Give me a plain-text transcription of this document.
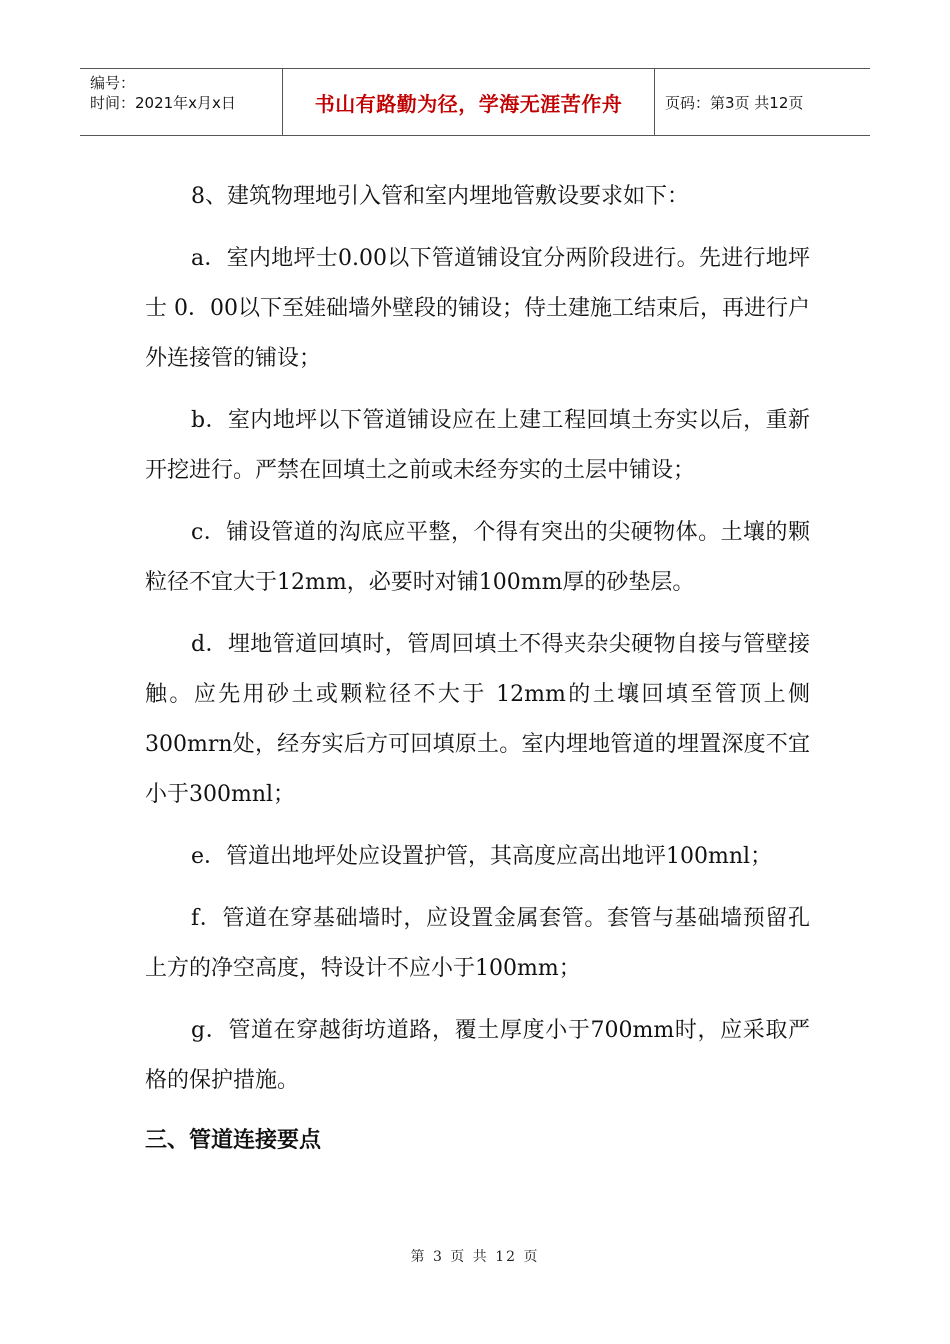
编号：
时间：2021年x月x日	书山有路勤为径，学海无涯苦作舟	页码：第3页 共12页

8、建筑物理地引入管和室内埋地管敷设要求如下：

a．室内地坪士0.00以下管道铺设宜分两阶段进行。先进行地坪士 0．00以下至娃础墙外壁段的铺设；侍土建施工结束后，再进行户外连接管的铺设；

b．室内地坪以下管道铺设应在上建工程回填土夯实以后，重新开挖进行。严禁在回填土之前或未经夯实的土层中铺设；

c．铺设管道的沟底应平整，个得有突出的尖硬物体。土壤的颗粒径不宜大于12mm，必要时对铺100mm厚的砂垫层。

d．埋地管道回填时，管周回填土不得夹杂尖硬物自接与管壁接触。应先用砂土或颗粒径不大于 12mm的土壤回填至管顶上侧300mrn处，经夯实后方可回填原土。室内埋地管道的埋置深度不宜小于300mnl；

e．管道出地坪处应设置护管，其高度应高出地评100mnl；

f．管道在穿基础墙时，应设置金属套管。套管与基础墙预留孔上方的净空高度，特设计不应小于100mm；

g．管道在穿越街坊道路，覆土厚度小于700mm时，应采取严格的保护措施。

三、管道连接要点
第 3 页 共 12 页
